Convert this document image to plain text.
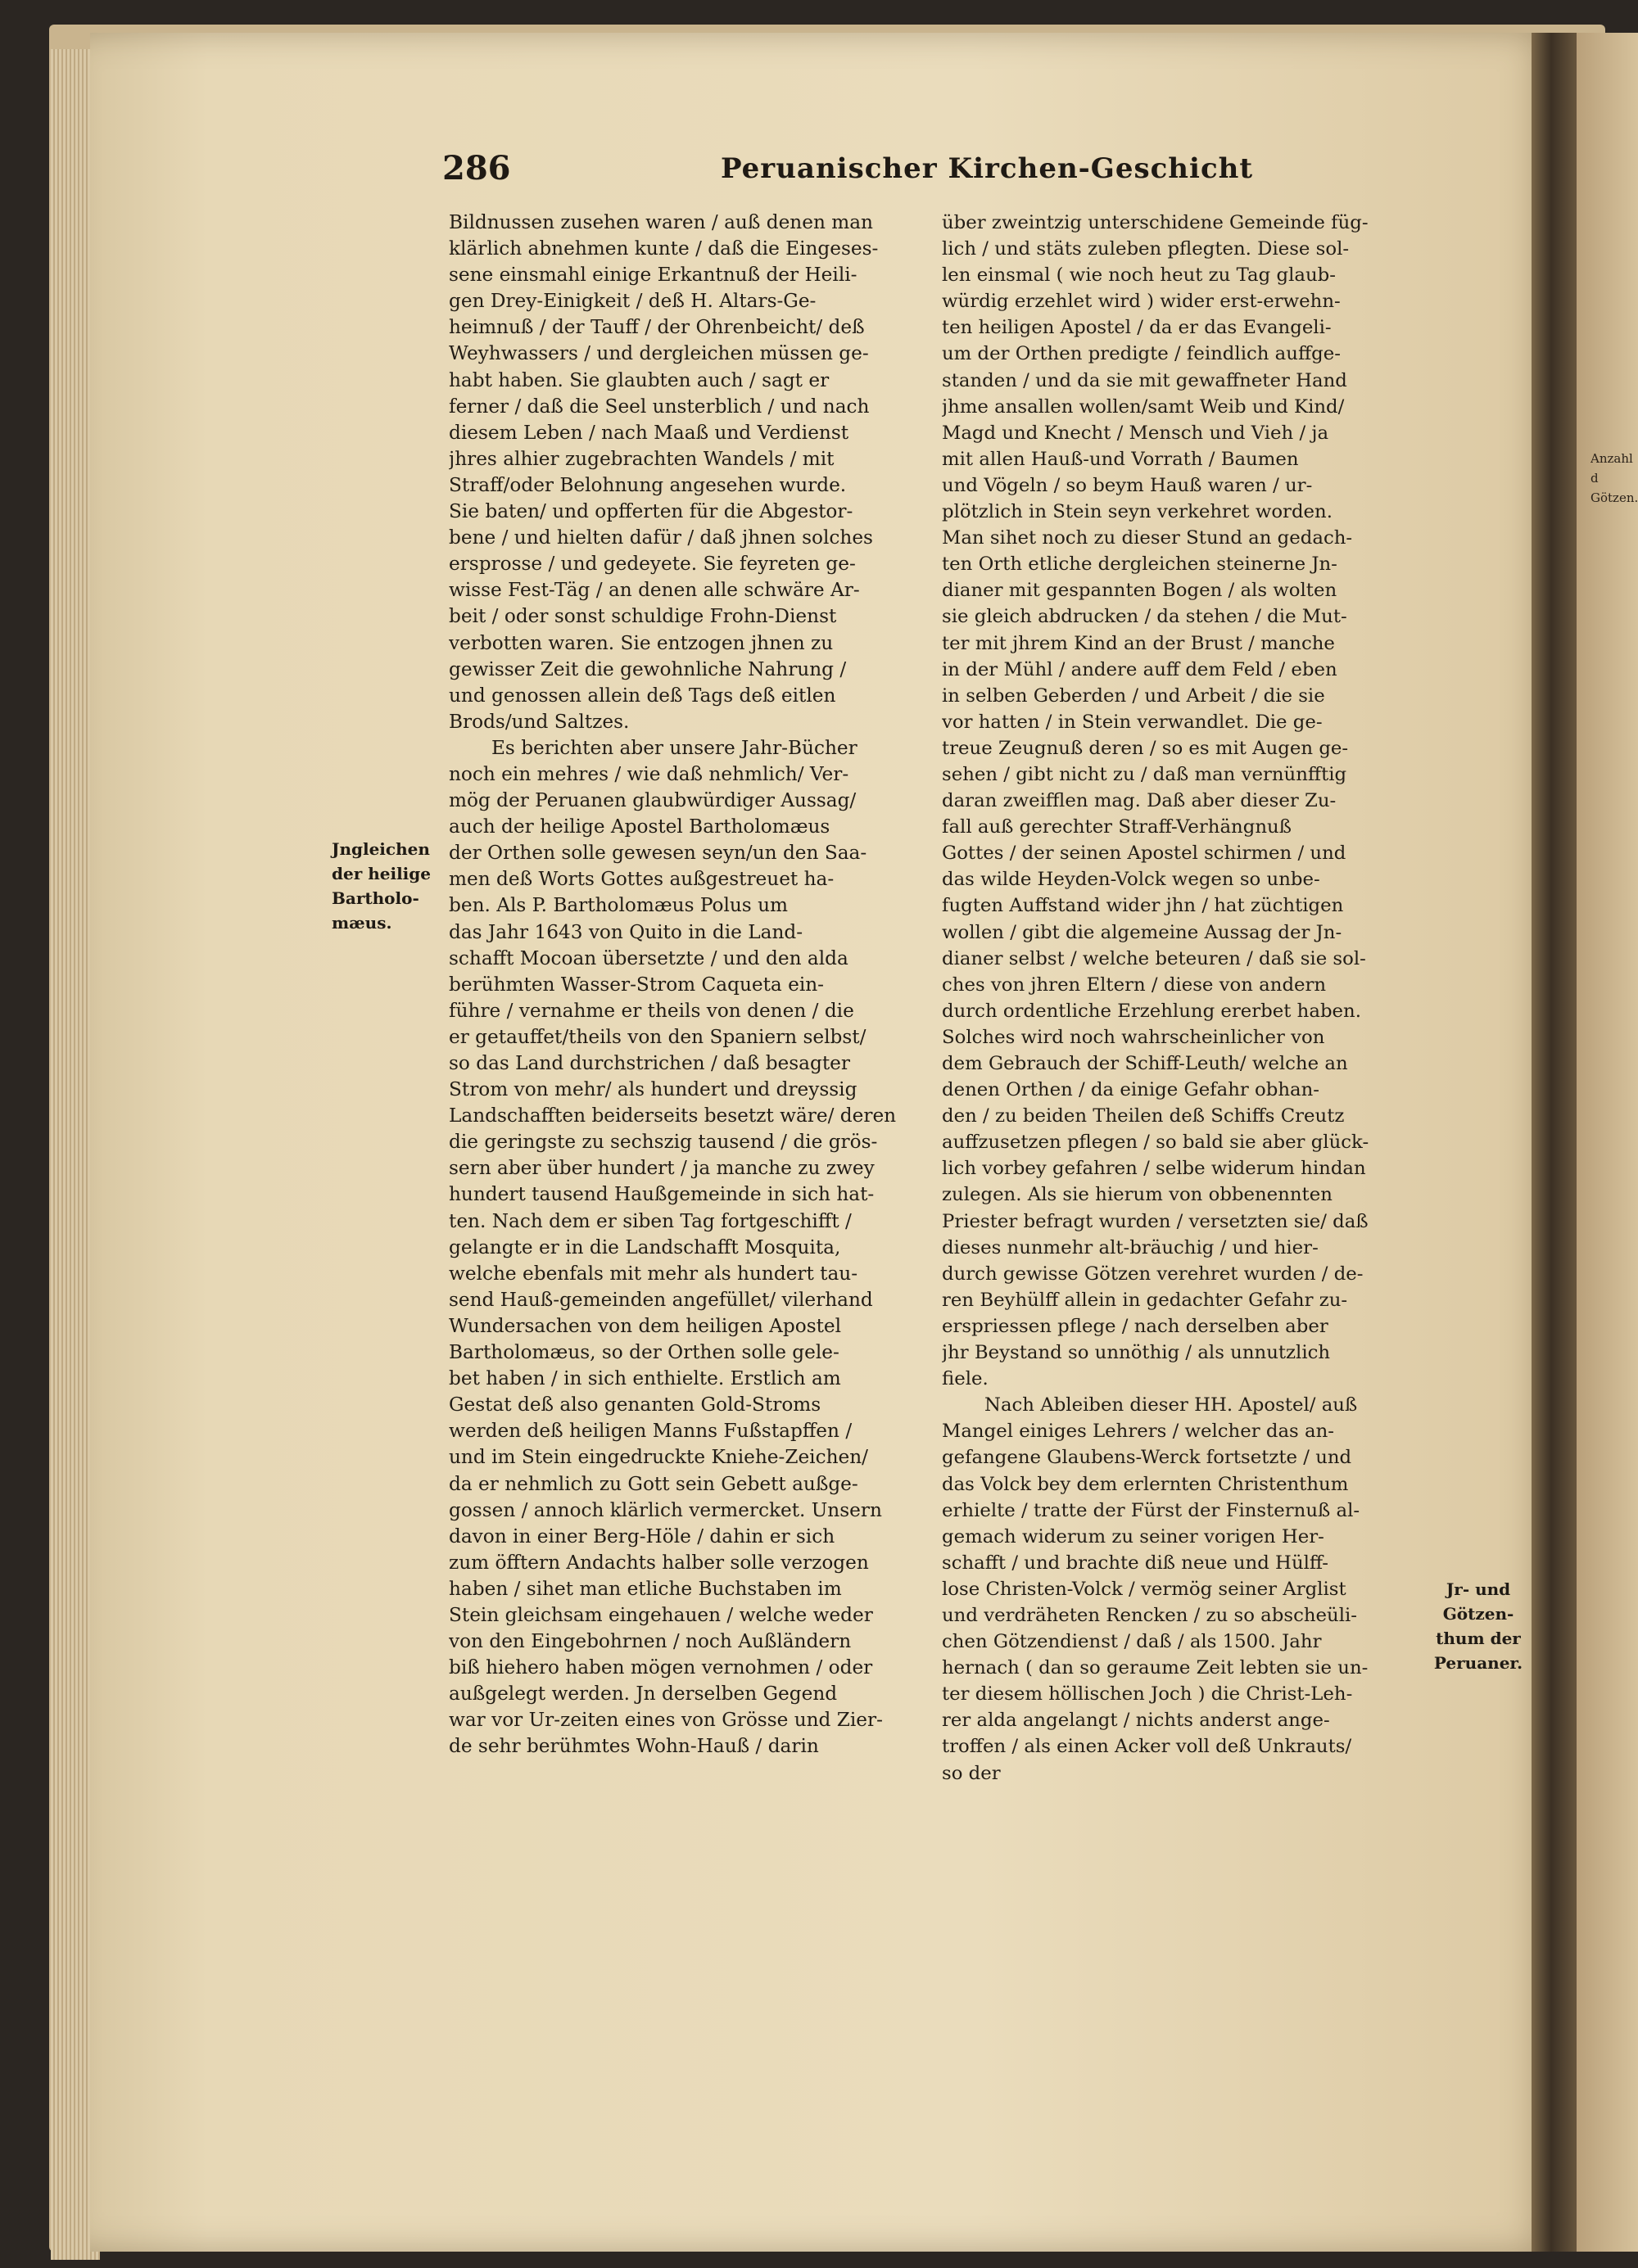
Anzahl d
Götzen.
286	Peruanischer Kirchen-Geschicht
Jngleichen
der heilige
Bartholo-
mæus.
Jr- und
Götzen-
thum der
Peruaner.
Bildnussen zusehen waren / auß denen man
klärlich abnehmen kunte / daß die Eingeses-
sene einsmahl einige Erkantnuß der Heili-
gen Drey-Einigkeit / deß H. Altars-Ge-
heimnuß / der Tauff / der Ohrenbeicht/ deß
Weyhwassers / und dergleichen müssen ge-
habt haben. Sie glaubten auch / sagt er
ferner / daß die Seel unsterblich / und nach
diesem Leben / nach Maaß und Verdienst
jhres alhier zugebrachten Wandels / mit
Straff/oder Belohnung angesehen wurde.
Sie baten/ und opfferten für die Abgestor-
bene / und hielten dafür / daß jhnen solches
ersprosse / und gedeyete. Sie feyreten ge-
wisse Fest-Täg / an denen alle schwäre Ar-
beit / oder sonst schuldige Frohn-Dienst
verbotten waren. Sie entzogen jhnen zu
gewisser Zeit die gewohnliche Nahrung /
und genossen allein deß Tags deß eitlen
Brods/und Saltzes.
Es berichten aber unsere Jahr-Bücher
noch ein mehres / wie daß nehmlich/ Ver-
mög der Peruanen glaubwürdiger Aussag/
auch der heilige Apostel Bartholomæus
der Orthen solle gewesen seyn/un den Saa-
men deß Worts Gottes außgestreuet ha-
ben. Als P. Bartholomæus Polus um
das Jahr 1643 von Quito in die Land-
schafft Mocoan übersetzte / und den alda
berühmten Wasser-Strom Caqueta ein-
führe / vernahme er theils von denen / die
er getauffet/theils von den Spaniern selbst/
so das Land durchstrichen / daß besagter
Strom von mehr/ als hundert und dreyssig
Landschafften beiderseits besetzt wäre/ deren
die geringste zu sechszig tausend / die grös-
sern aber über hundert / ja manche zu zwey
hundert tausend Haußgemeinde in sich hat-
ten. Nach dem er siben Tag fortgeschifft /
gelangte er in die Landschafft Mosquita,
welche ebenfals mit mehr als hundert tau-
send Hauß-gemeinden angefüllet/ vilerhand
Wundersachen von dem heiligen Apostel
Bartholomæus, so der Orthen solle gele-
bet haben / in sich enthielte. Erstlich am
Gestat deß also genanten Gold-Stroms
werden deß heiligen Manns Fußstapffen /
und im Stein eingedruckte Kniehe-Zeichen/
da er nehmlich zu Gott sein Gebett außge-
gossen / annoch klärlich vermercket. Unsern
davon in einer Berg-Höle / dahin er sich
zum öfftern Andachts halber solle verzogen
haben / sihet man etliche Buchstaben im
Stein gleichsam eingehauen / welche weder
von den Eingebohrnen / noch Außländern
biß hiehero haben mögen vernohmen / oder
außgelegt werden. Jn derselben Gegend
war vor Ur-zeiten eines von Grösse und Zier-
de sehr berühmtes Wohn-Hauß / darin
über zweintzig unterschidene Gemeinde füg-
lich / und stäts zuleben pflegten. Diese sol-
len einsmal ( wie noch heut zu Tag glaub-
würdig erzehlet wird ) wider erst-erwehn-
ten heiligen Apostel / da er das Evangeli-
um der Orthen predigte / feindlich auffge-
standen / und da sie mit gewaffneter Hand
jhme ansallen wollen/samt Weib und Kind/
Magd und Knecht / Mensch und Vieh / ja
mit allen Hauß-und Vorrath / Baumen
und Vögeln / so beym Hauß waren / ur-
plötzlich in Stein seyn verkehret worden.
Man sihet noch zu dieser Stund an gedach-
ten Orth etliche dergleichen steinerne Jn-
dianer mit gespannten Bogen / als wolten
sie gleich abdrucken / da stehen / die Mut-
ter mit jhrem Kind an der Brust / manche
in der Mühl / andere auff dem Feld / eben
in selben Geberden / und Arbeit / die sie
vor hatten / in Stein verwandlet. Die ge-
treue Zeugnuß deren / so es mit Augen ge-
sehen / gibt nicht zu / daß man vernünfftig
daran zweifflen mag. Daß aber dieser Zu-
fall auß gerechter Straff-Verhängnuß
Gottes / der seinen Apostel schirmen / und
das wilde Heyden-Volck wegen so unbe-
fugten Auffstand wider jhn / hat züchtigen
wollen / gibt die algemeine Aussag der Jn-
dianer selbst / welche beteuren / daß sie sol-
ches von jhren Eltern / diese von andern
durch ordentliche Erzehlung ererbet haben.
Solches wird noch wahrscheinlicher von
dem Gebrauch der Schiff-Leuth/ welche an
denen Orthen / da einige Gefahr obhan-
den / zu beiden Theilen deß Schiffs Creutz
auffzusetzen pflegen / so bald sie aber glück-
lich vorbey gefahren / selbe widerum hindan
zulegen. Als sie hierum von obbenennten
Priester befragt wurden / versetzten sie/ daß
dieses nunmehr alt-bräuchig / und hier-
durch gewisse Götzen verehret wurden / de-
ren Beyhülff allein in gedachter Gefahr zu-
erspriessen pflege / nach derselben aber
jhr Beystand so unnöthig / als unnutzlich
fiele.
Nach Ableiben dieser HH. Apostel/ auß
Mangel einiges Lehrers / welcher das an-
gefangene Glaubens-Werck fortsetzte / und
das Volck bey dem erlernten Christenthum
erhielte / tratte der Fürst der Finsternuß al-
gemach widerum zu seiner vorigen Her-
schafft / und brachte diß neue und Hülff-
lose Christen-Volck / vermög seiner Arglist
und verdräheten Rencken / zu so abscheüli-
chen Götzendienst / daß / als 1500. Jahr
hernach ( dan so geraume Zeit lebten sie un-
ter diesem höllischen Joch ) die Christ-Leh-
rer alda angelangt / nichts anderst ange-
troffen / als einen Acker voll deß Unkrauts/
so der
